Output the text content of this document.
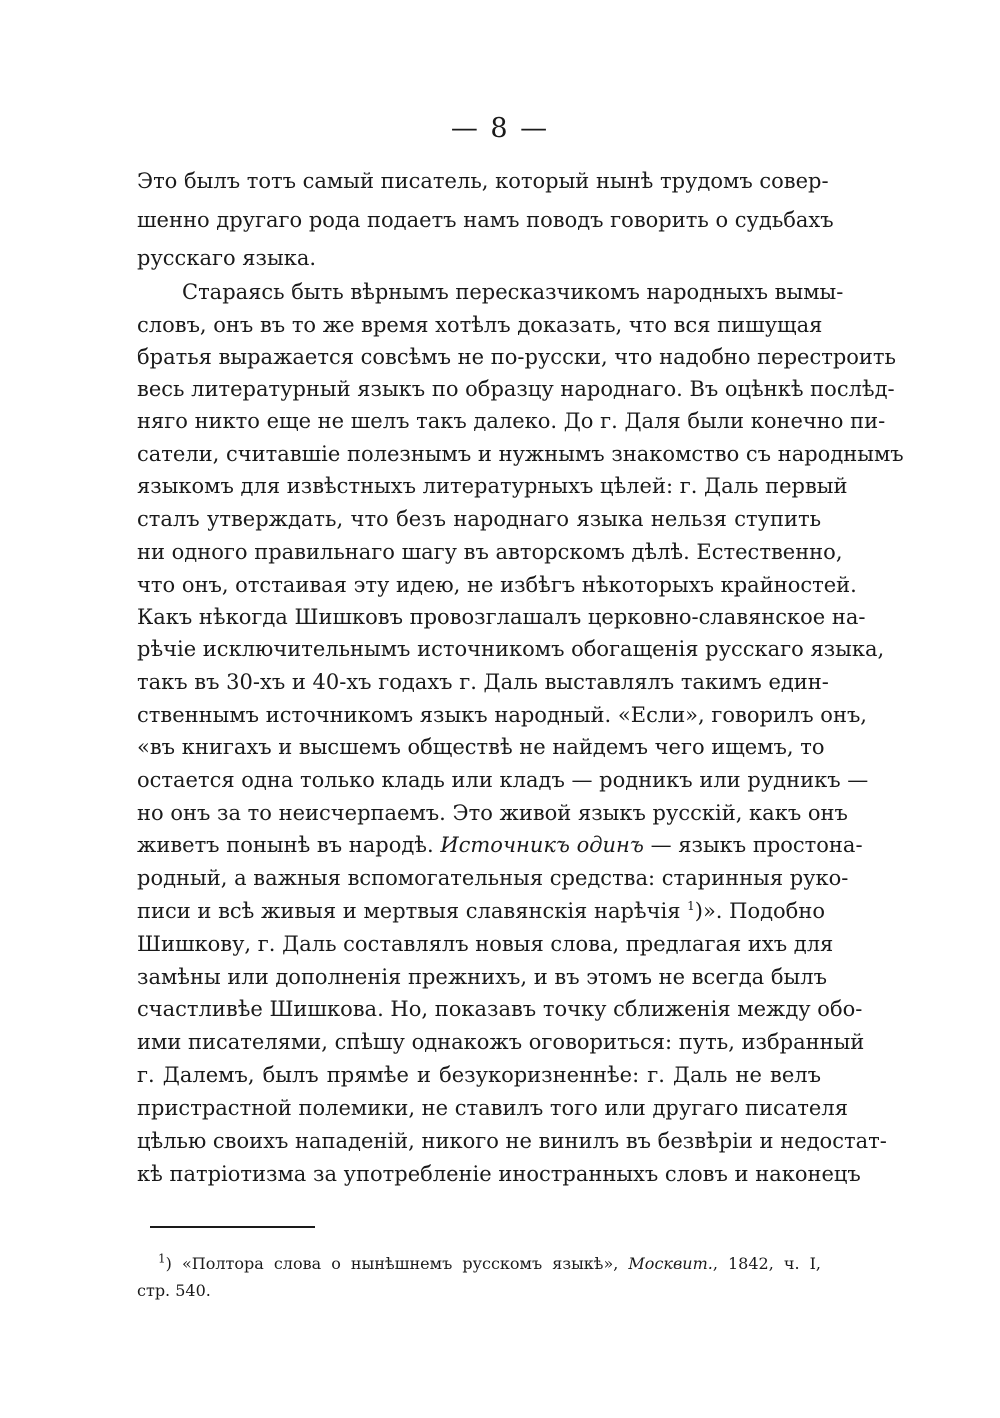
— 8 —
Это былъ тотъ самый писатель, который нынѣ трудомъ совер-
шенно другаго рода подаетъ намъ поводъ говорить о судьбахъ
русскаго языка.
Стараясь быть вѣрнымъ пересказчикомъ народныхъ вымы-
словъ, онъ въ то же время хотѣлъ доказать, что вся пишущая
братья выражается совсѣмъ не по-русски, что надобно перестроить
весь литературный языкъ по образцу народнаго. Въ оцѣнкѣ послѣд-
няго никто еще не шелъ такъ далеко. До г. Даля были конечно пи-
сатели, считавшіе полезнымъ и нужнымъ знакомство съ народнымъ
языкомъ для извѣстныхъ литературныхъ цѣлей: г. Даль первый
сталъ утверждать, что безъ народнаго языка нельзя ступить
ни одного правильнаго шагу въ авторскомъ дѣлѣ. Естественно,
что онъ, отстаивая эту идею, не избѣгъ нѣкоторыхъ крайностей.
Какъ нѣкогда Шишковъ провозглашалъ церковно-славянское на-
рѣчіе исключительнымъ источникомъ обогащенія русскаго языка,
такъ въ 30-хъ и 40-хъ годахъ г. Даль выставлялъ такимъ един-
ственнымъ источникомъ языкъ народный. «Если», говорилъ онъ,
«въ книгахъ и высшемъ обществѣ не найдемъ чего ищемъ, то
остается одна только кладь или кладъ — родникъ или рудникъ —
но онъ за то неисчерпаемъ. Это живой языкъ русскій, какъ онъ
живетъ понынѣ въ народѣ. Источникъ одинъ — языкъ простона-
родный, а важныя вспомогательныя средства: старинныя руко-
писи и всѣ живыя и мертвыя славянскія нарѣчія $^1$)». Подобно
Шишкову, г. Даль составлялъ новыя слова, предлагая ихъ для
замѣны или дополненія прежнихъ, и въ этомъ не всегда былъ
счастливѣе Шишкова. Но, показавъ точку сближенія между обо-
ими писателями, спѣшу однакожъ оговориться: путь, избранный
г. Далемъ, былъ прямѣе и безукоризненнѣе: г. Даль не велъ
пристрастной полемики, не ставилъ того или другаго писателя
цѣлью своихъ нападеній, никого не винилъ въ безвѣріи и недостат-
кѣ патріотизма за употребленіе иностранныхъ словъ и наконецъ
$^1$) «Полтора слова о нынѣшнемъ русскомъ языкѣ», Москвит., 1842, ч. I,
стр. 540.
